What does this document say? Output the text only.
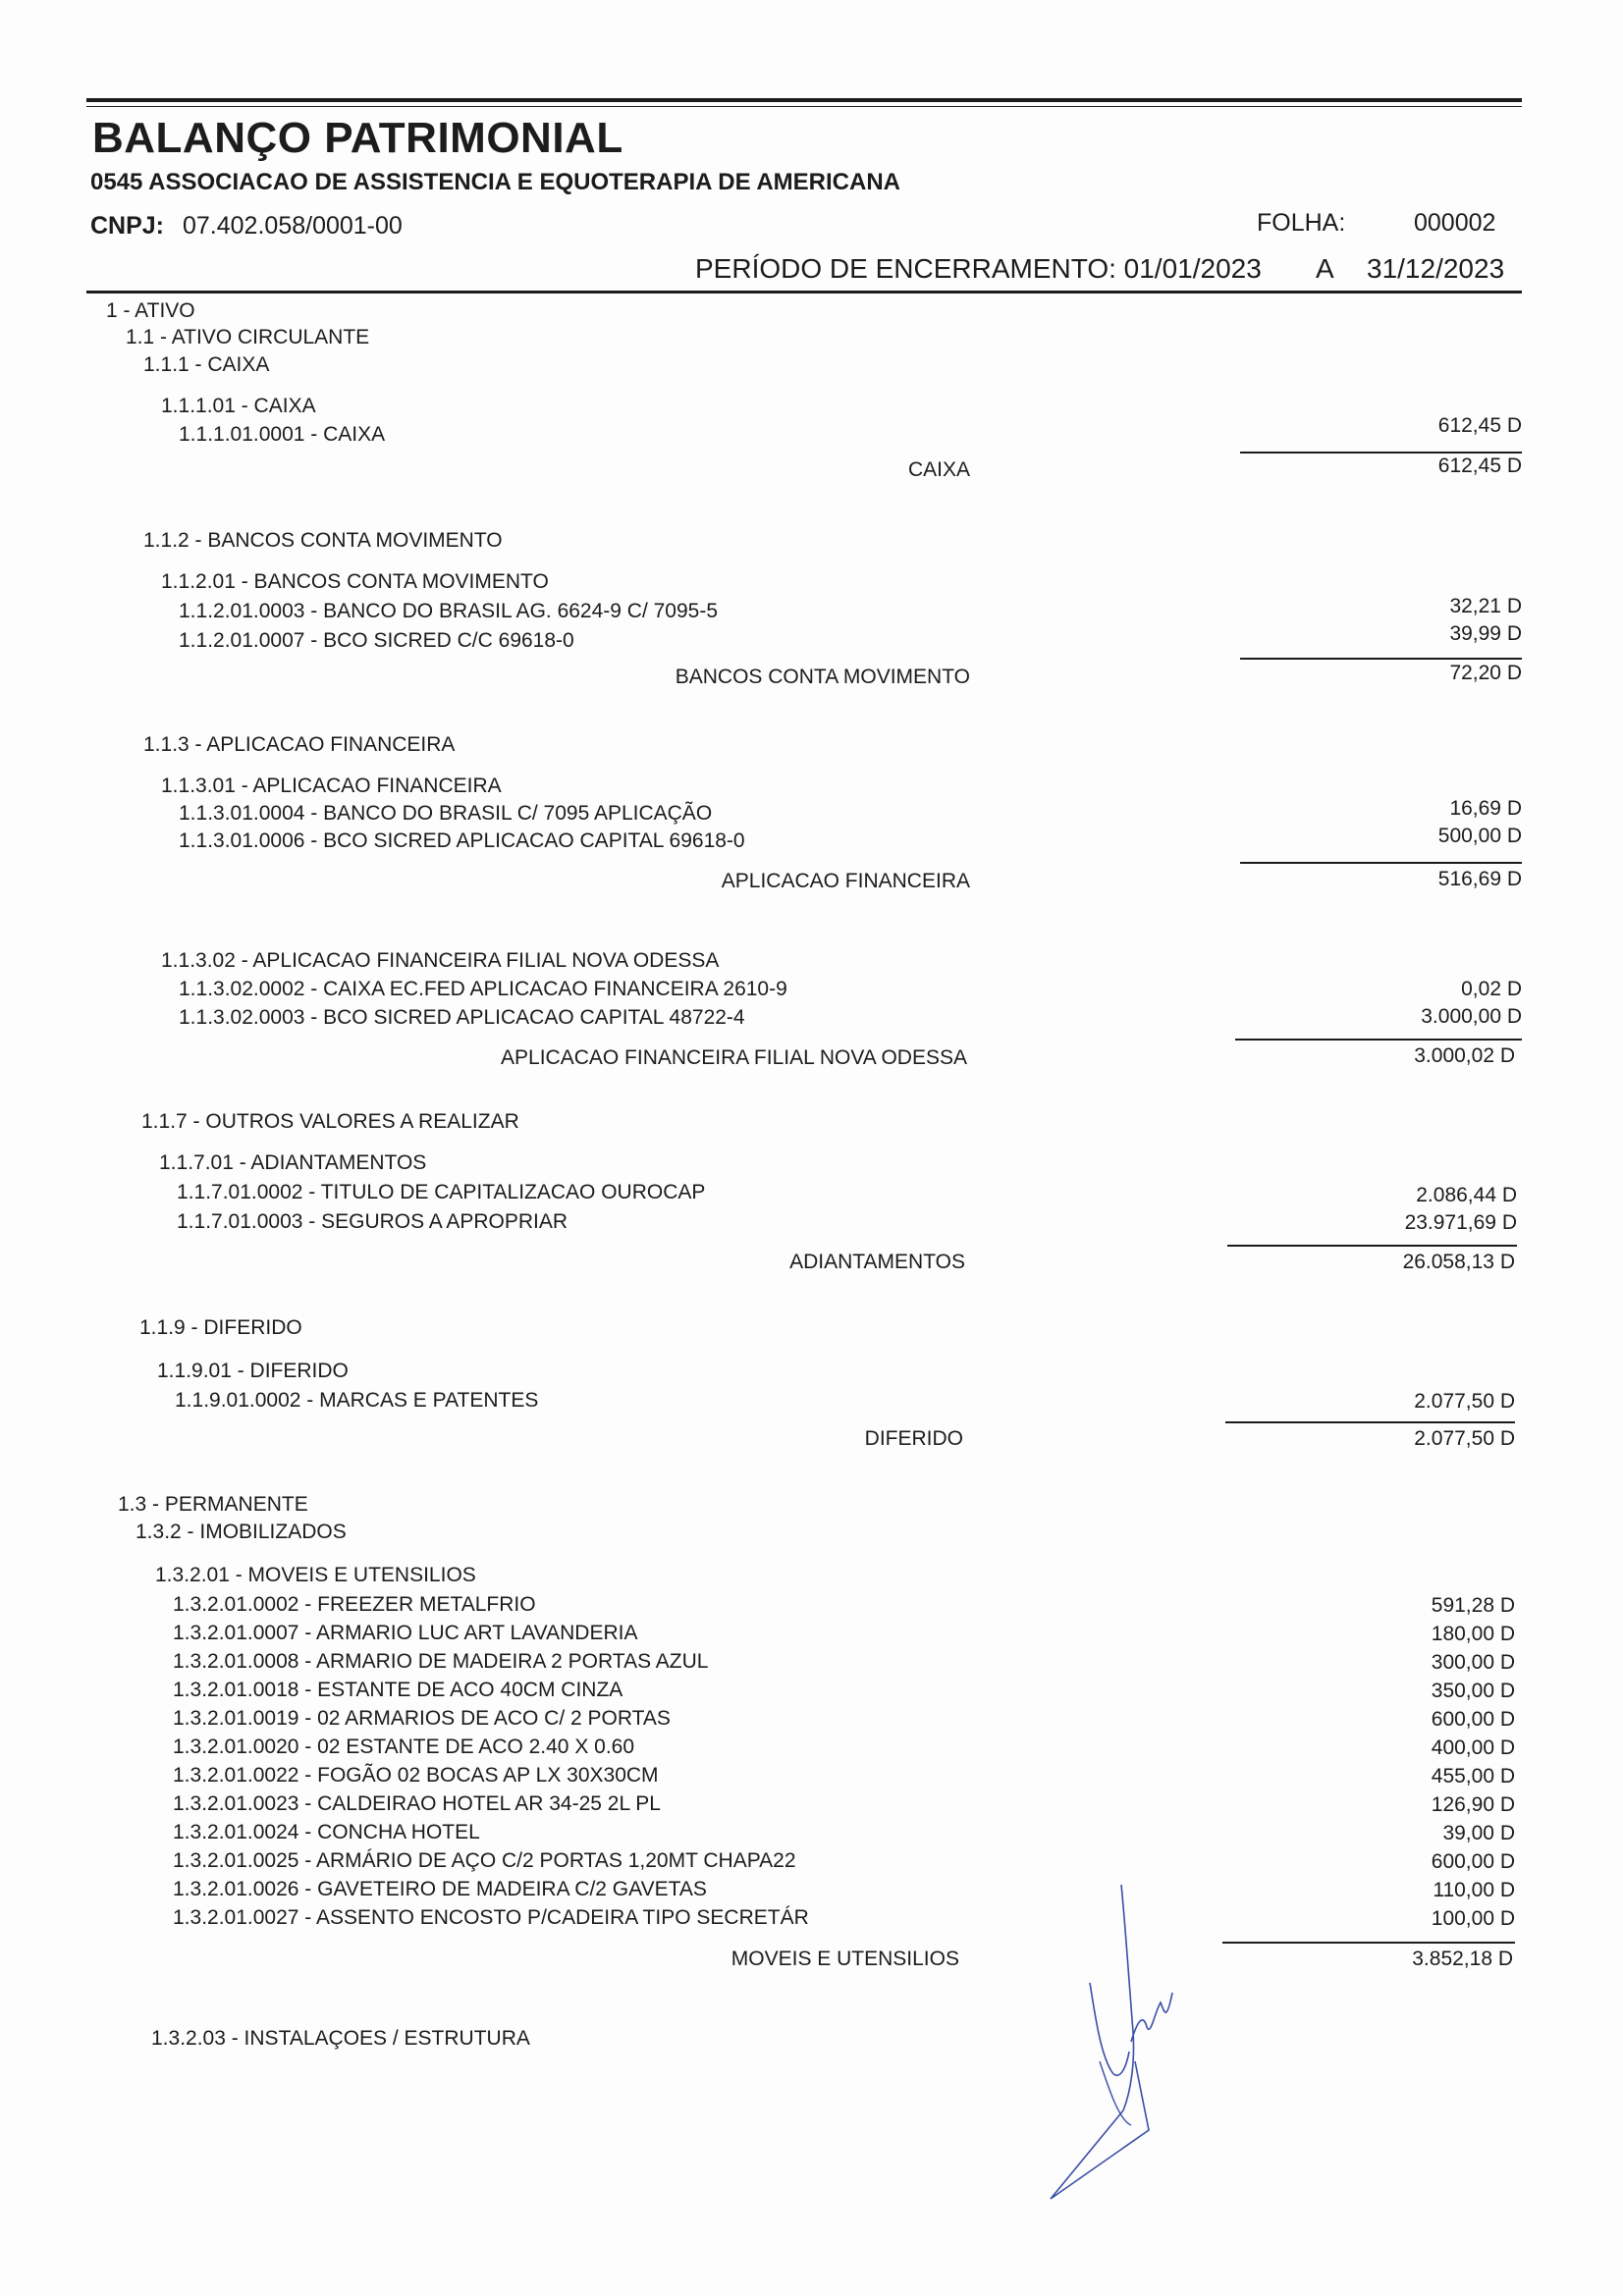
BALANÇO PATRIMONIAL
0545 ASSOCIACAO DE ASSISTENCIA E EQUOTERAPIA DE AMERICANA
CNPJ: 07.402.058/0001-00	FOLHA:	000002
PERÍODO DE ENCERRAMENTO: 01/01/2023 A 31/12/2023
1 - ATIVO
1.1 - ATIVO CIRCULANTE
1.1.1 - CAIXA
1.1.1.01 - CAIXA
1.1.1.01.0001 - CAIXA	612,45 D
CAIXA	612,45 D
1.1.2 - BANCOS CONTA MOVIMENTO
1.1.2.01 - BANCOS CONTA MOVIMENTO
1.1.2.01.0003 - BANCO DO BRASIL AG. 6624-9 C/ 7095-5	32,21 D
1.1.2.01.0007 - BCO SICRED C/C 69618-0	39,99 D
BANCOS CONTA MOVIMENTO	72,20 D
1.1.3 - APLICACAO FINANCEIRA
1.1.3.01 - APLICACAO FINANCEIRA
1.1.3.01.0004 - BANCO DO BRASIL C/ 7095 APLICAÇÃO	16,69 D
1.1.3.01.0006 - BCO SICRED APLICACAO CAPITAL 69618-0	500,00 D
APLICACAO FINANCEIRA	516,69 D
1.1.3.02 - APLICACAO FINANCEIRA FILIAL NOVA ODESSA
1.1.3.02.0002 - CAIXA EC.FED APLICACAO FINANCEIRA 2610-9	0,02 D
1.1.3.02.0003 - BCO SICRED APLICACAO CAPITAL 48722-4	3.000,00 D
APLICACAO FINANCEIRA FILIAL NOVA ODESSA	3.000,02 D
1.1.7 - OUTROS VALORES A REALIZAR
1.1.7.01 - ADIANTAMENTOS
1.1.7.01.0002 - TITULO DE CAPITALIZACAO OUROCAP	2.086,44 D
1.1.7.01.0003 - SEGUROS A APROPRIAR	23.971,69 D
ADIANTAMENTOS	26.058,13 D
1.1.9 - DIFERIDO
1.1.9.01 - DIFERIDO
1.1.9.01.0002 - MARCAS E PATENTES	2.077,50 D
DIFERIDO	2.077,50 D
1.3 - PERMANENTE
1.3.2 - IMOBILIZADOS
1.3.2.01 - MOVEIS E UTENSILIOS
1.3.2.01.0002 - FREEZER METALFRIO	591,28 D
1.3.2.01.0007 - ARMARIO LUC ART LAVANDERIA	180,00 D
1.3.2.01.0008 - ARMARIO DE MADEIRA 2 PORTAS AZUL	300,00 D
1.3.2.01.0018 - ESTANTE DE ACO 40CM CINZA	350,00 D
1.3.2.01.0019 - 02 ARMARIOS DE ACO C/ 2 PORTAS	600,00 D
1.3.2.01.0020 - 02 ESTANTE DE ACO 2.40 X 0.60	400,00 D
1.3.2.01.0022 - FOGÃO 02 BOCAS AP LX 30X30CM	455,00 D
1.3.2.01.0023 - CALDEIRAO HOTEL AR 34-25 2L PL	126,90 D
1.3.2.01.0024 - CONCHA HOTEL	39,00 D
1.3.2.01.0025 - ARMÁRIO DE AÇO C/2 PORTAS 1,20MT CHAPA22	600,00 D
1.3.2.01.0026 - GAVETEIRO DE MADEIRA C/2 GAVETAS	110,00 D
1.3.2.01.0027 - ASSENTO ENCOSTO P/CADEIRA TIPO SECRETÁR	100,00 D
MOVEIS E UTENSILIOS	3.852,18 D
1.3.2.03 - INSTALAÇOES / ESTRUTURA
